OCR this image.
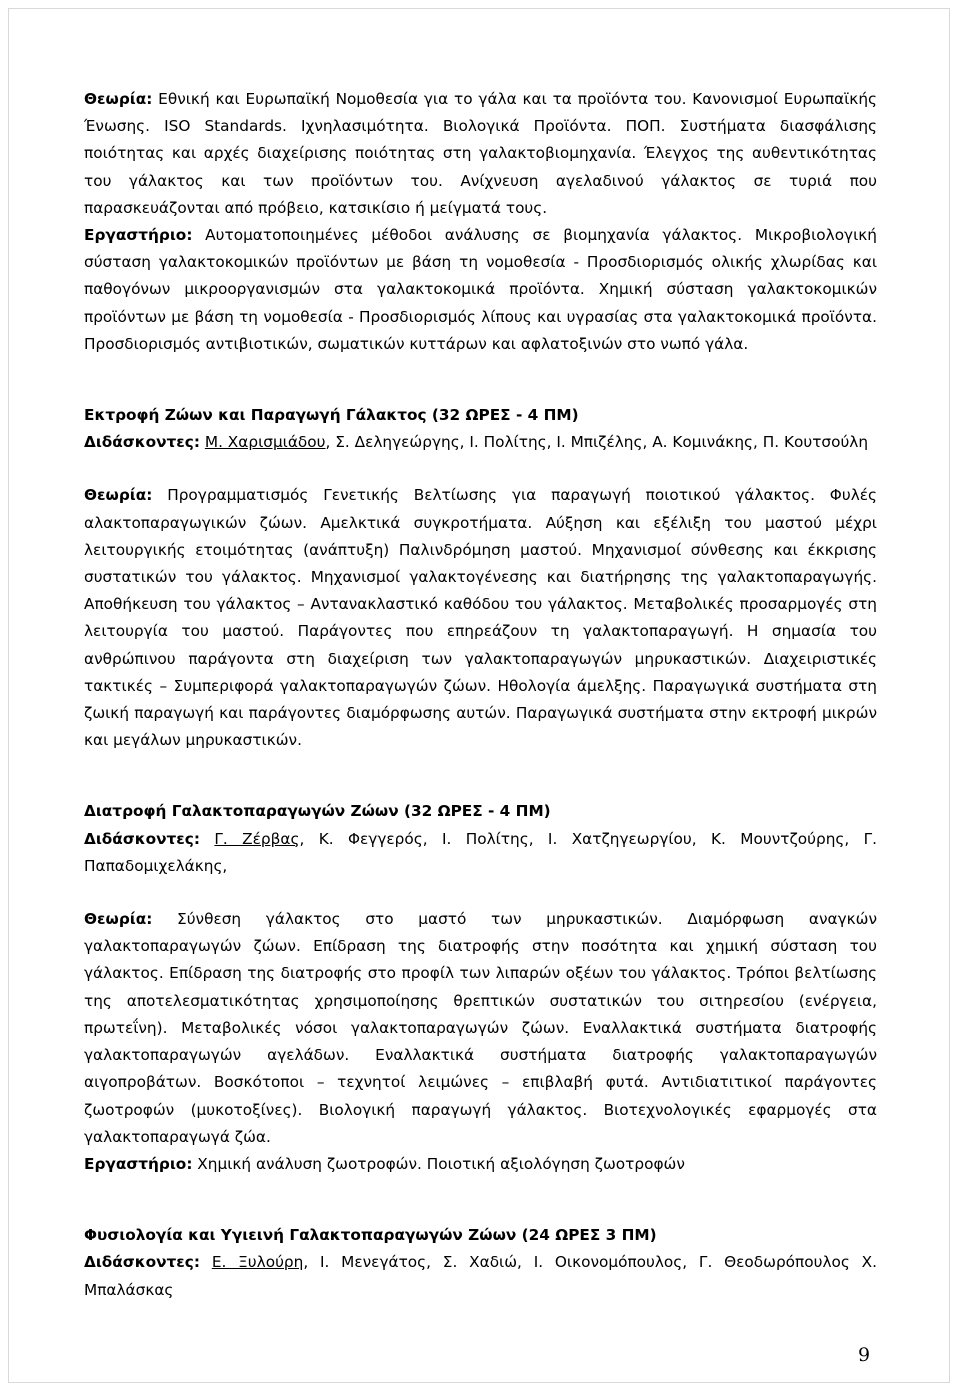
Θεωρία: Εθνική και Ευρωπαϊκή Νομοθεσία για το γάλα και τα προϊόντα του. Κανονισμοί Ευρωπαϊκής Ένωσης. ISO Standards. Ιχνηλασιμότητα. Βιολογικά Προϊόντα. ΠΟΠ. Συστήματα διασφάλισης ποιότητας και αρχές διαχείρισης ποιότητας στη γαλακτοβιομηχανία. Έλεγχος της αυθεντικότητας του γάλακτος και των προϊόντων του. Ανίχνευση αγελαδινού γάλακτος σε τυριά που παρασκευάζονται από πρόβειο, κατσικίσιο ή μείγματά τους.

Εργαστήριο: Αυτοματοποιημένες μέθοδοι ανάλυσης σε βιομηχανία γάλακτος. Μικροβιολογική σύσταση γαλακτοκομικών προϊόντων με βάση τη νομοθεσία - Προσδιορισμός ολικής χλωρίδας και παθογόνων μικροοργανισμών στα γαλακτοκομικά προϊόντα. Χημική σύσταση γαλακτοκομικών προϊόντων με βάση τη νομοθεσία - Προσδιορισμός λίπους και υγρασίας στα γαλακτοκομικά προϊόντα. Προσδιορισμός αντιβιοτικών, σωματικών κυττάρων και αφλατοξινών στο νωπό γάλα.

Εκτροφή Ζώων και Παραγωγή Γάλακτος (32 ΩΡΕΣ - 4 ΠΜ)

Διδάσκοντες: Μ. Χαρισμιάδου, Σ. Δεληγεώργης, Ι. Πολίτης, Ι. Μπιζέλης, Α. Κομινάκης, Π. Κουτσούλη

Θεωρία: Προγραμματισμός Γενετικής Βελτίωσης για παραγωγή ποιοτικού γάλακτος. Φυλές αλακτοπαραγωγικών ζώων. Αμελκτικά συγκροτήματα. Αύξηση και εξέλιξη του μαστού μέχρι λειτουργικής ετοιμότητας (ανάπτυξη) Παλινδρόμηση μαστού. Μηχανισμοί σύνθεσης και έκκρισης συστατικών του γάλακτος. Μηχανισμοί γαλακτογένεσης και διατήρησης της γαλακτοπαραγωγής. Αποθήκευση του γάλακτος – Αντανακλαστικό καθόδου του γάλακτος. Μεταβολικές προσαρμογές στη λειτουργία του μαστού. Παράγοντες που επηρεάζουν τη γαλακτοπαραγωγή. Η σημασία του ανθρώπινου παράγοντα στη διαχείριση των γαλακτοπαραγωγών μηρυκαστικών. Διαχειριστικές τακτικές – Συμπεριφορά γαλακτοπαραγωγών ζώων. Ηθολογία άμελξης. Παραγωγικά συστήματα στη ζωική παραγωγή και παράγοντες διαμόρφωσης αυτών. Παραγωγικά συστήματα στην εκτροφή μικρών και μεγάλων μηρυκαστικών.

Διατροφή Γαλακτοπαραγωγών Ζώων (32 ΩΡΕΣ - 4 ΠΜ)

Διδάσκοντες: Γ. Ζέρβας, Κ. Φεγγερός, Ι. Πολίτης, Ι. Χατζηγεωργίου, Κ. Μουντζούρης, Γ. Παπαδομιχελάκης,

Θεωρία: Σύνθεση γάλακτος στο μαστό των μηρυκαστικών. Διαμόρφωση αναγκών γαλακτοπαραγωγών ζώων. Επίδραση της διατροφής στην ποσότητα και χημική σύσταση του γάλακτος. Επίδραση της διατροφής στο προφίλ των λιπαρών οξέων του γάλακτος. Τρόποι βελτίωσης της αποτελεσματικότητας χρησιμοποίησης θρεπτικών συστατικών του σιτηρεσίου (ενέργεια, πρωτεΐνη). Μεταβολικές νόσοι γαλακτοπαραγωγών ζώων. Εναλλακτικά συστήματα διατροφής γαλακτοπαραγωγών αγελάδων. Εναλλακτικά συστήματα διατροφής γαλακτοπαραγωγών αιγοπροβάτων. Βοσκότοποι – τεχνητοί λειμώνες – επιβλαβή φυτά. Αντιδιατιτικοί παράγοντες ζωοτροφών (μυκοτοξίνες). Βιολογική παραγωγή γάλακτος. Βιοτεχνολογικές εφαρμογές στα γαλακτοπαραγωγά ζώα.

Εργαστήριο: Χημική ανάλυση ζωοτροφών. Ποιοτική αξιολόγηση ζωοτροφών

Φυσιολογία και Υγιεινή Γαλακτοπαραγωγών Ζώων (24 ΩΡΕΣ 3 ΠΜ)

Διδάσκοντες: Ε. Ξυλούρη, Ι. Μενεγάτος, Σ. Χαδιώ, Ι. Οικονομόπουλος, Γ. Θεοδωρόπουλος Χ. Μπαλάσκας

9
